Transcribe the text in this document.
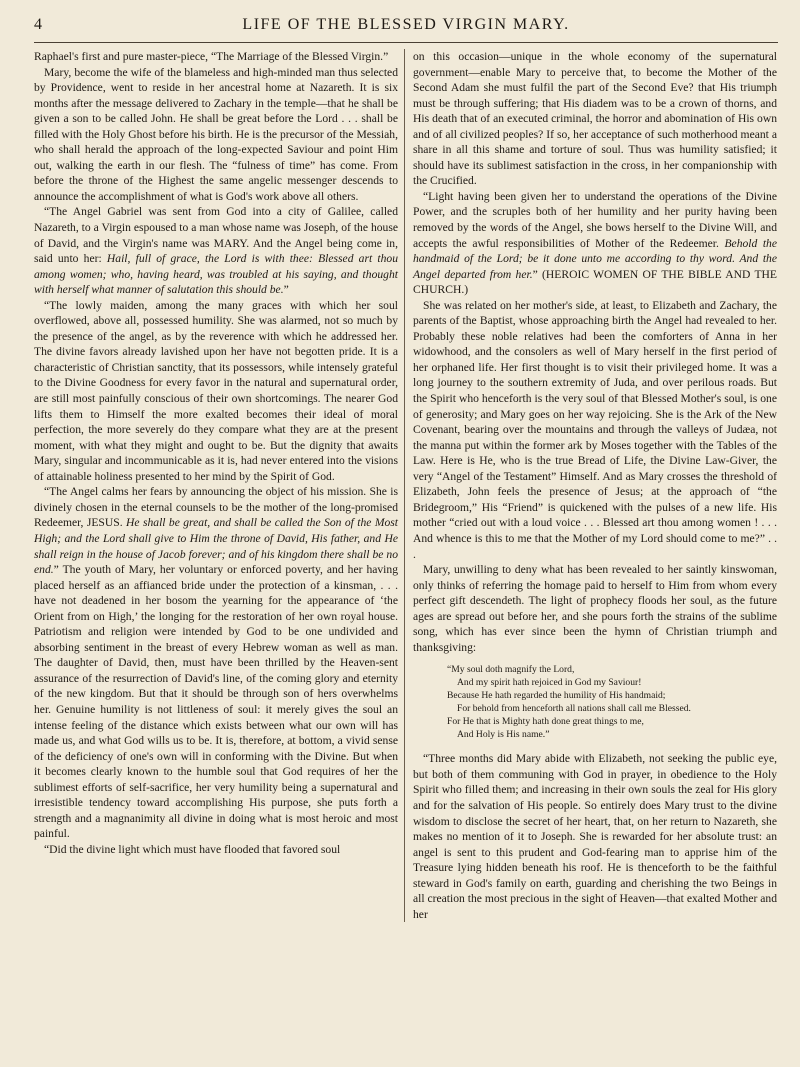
4	LIFE OF THE BLESSED VIRGIN MARY.

Raphael's first and pure master-piece, “The Marriage of the Blessed Virgin.”

Mary, become the wife of the blameless and high-minded man thus selected by Providence, went to reside in her ancestral home at Nazareth. It is six months after the message delivered to Zachary in the temple—that he shall be given a son to be called John. He shall be great before the Lord . . . shall be filled with the Holy Ghost before his birth. He is the precursor of the Messiah, who shall herald the approach of the long-expected Saviour and point Him out, walking the earth in our flesh. The “fulness of time” has come. From before the throne of the Highest the same angelic messenger descends to announce the accomplishment of what is God's work above all others.

“The Angel Gabriel was sent from God into a city of Galilee, called Nazareth, to a Virgin espoused to a man whose name was Joseph, of the house of David, and the Virgin's name was MARY. And the Angel being come in, said unto her: Hail, full of grace, the Lord is with thee: Blessed art thou among women; who, having heard, was troubled at his saying, and thought with herself what manner of salutation this should be.”

“The lowly maiden, among the many graces with which her soul overflowed, above all, possessed humility. She was alarmed, not so much by the presence of the angel, as by the reverence with which he addressed her. The divine favors already lavished upon her have not begotten pride. It is a characteristic of Christian sanctity, that its possessors, while intensely grateful to the Divine Goodness for every favor in the natural and supernatural order, are still most painfully conscious of their own shortcomings. The nearer God lifts them to Himself the more exalted becomes their ideal of moral perfection, the more severely do they compare what they are at the present moment, with what they might and ought to be. But the dignity that awaits Mary, singular and incommunicable as it is, had never entered into the visions of attainable holiness presented to her mind by the Spirit of God.

“The Angel calms her fears by announcing the object of his mission. She is divinely chosen in the eternal counsels to be the mother of the long-promised Redeemer, JESUS. He shall be great, and shall be called the Son of the Most High; and the Lord shall give to Him the throne of David, His father, and He shall reign in the house of Jacob forever; and of his kingdom there shall be no end.” The youth of Mary, her voluntary or enforced poverty, and her having placed herself as an affianced bride under the protection of a kinsman, . . . have not deadened in her bosom the yearning for the appearance of ‘the Orient from on High,’ the longing for the restoration of her own royal house. Patriotism and religion were intended by God to be one undivided and absorbing sentiment in the breast of every Hebrew woman as well as man. The daughter of David, then, must have been thrilled by the Heaven-sent assurance of the resurrection of David's line, of the coming glory and eternity of the new kingdom. But that it should be through son of hers overwhelms her. Genuine humility is not littleness of soul: it merely gives the soul an intense feeling of the distance which exists between what our own will has made us, and what God wills us to be. It is, therefore, at bottom, a vivid sense of the deficiency of one's own will in conforming with the Divine. But when it becomes clearly known to the humble soul that God requires of her the sublimest efforts of self-sacrifice, her very humility being a supernatural and irresistible tendency toward accomplishing His purpose, she puts forth a strength and a magnanimity all divine in doing what is most heroic and most painful.

“Did the divine light which must have flooded that favored soul

on this occasion—unique in the whole economy of the supernatural government—enable Mary to perceive that, to become the Mother of the Second Adam she must fulfil the part of the Second Eve? that His triumph must be through suffering; that His diadem was to be a crown of thorns, and His death that of an executed criminal, the horror and abomination of His own and of all civilized peoples? If so, her acceptance of such motherhood meant a share in all this shame and torture of soul. Thus was humility satisfied; it should have its sublimest satisfaction in the cross, in her companionship with the Crucified.

“Light having been given her to understand the operations of the Divine Power, and the scruples both of her humility and her purity having been removed by the words of the Angel, she bows herself to the Divine Will, and accepts the awful responsibilities of Mother of the Redeemer. Behold the handmaid of the Lord; be it done unto me according to thy word. And the Angel departed from her.” (HEROIC WOMEN OF THE BIBLE AND THE CHURCH.)

She was related on her mother's side, at least, to Elizabeth and Zachary, the parents of the Baptist, whose approaching birth the Angel had revealed to her. Probably these noble relatives had been the comforters of Anna in her widowhood, and the consolers as well of Mary herself in the first period of her orphaned life. Her first thought is to visit their privileged home. It was a long journey to the southern extremity of Juda, and over perilous roads. But the Spirit who henceforth is the very soul of that Blessed Mother's soul, is one of generosity; and Mary goes on her way rejoicing. She is the Ark of the New Covenant, bearing over the mountains and through the valleys of Judæa, not the manna put within the former ark by Moses together with the Tables of the Law. Here is He, who is the true Bread of Life, the Divine Law-Giver, the very “Angel of the Testament” Himself. And as Mary crosses the threshold of Elizabeth, John feels the presence of Jesus; at the approach of “the Bridegroom,” His “Friend” is quickened with the pulses of a new life. His mother “cried out with a loud voice . . . Blessed art thou among women ! . . . And whence is this to me that the Mother of my Lord should come to me?” . . .

Mary, unwilling to deny what has been revealed to her saintly kinswoman, only thinks of referring the homage paid to herself to Him from whom every perfect gift descendeth. The light of prophecy floods her soul, as the future ages are spread out before her, and she pours forth the strains of the sublime song, which has ever since been the hymn of Christian triumph and thanksgiving:

“My soul doth magnify the Lord,
And my spirit hath rejoiced in God my Saviour!
Because He hath regarded the humility of His handmaid;
For behold from henceforth all nations shall call me Blessed.
For He that is Mighty hath done great things to me,
And Holy is His name.”

“Three months did Mary abide with Elizabeth, not seeking the public eye, but both of them communing with God in prayer, in obedience to the Holy Spirit who filled them; and increasing in their own souls the zeal for His glory and for the salvation of His people. So entirely does Mary trust to the divine wisdom to disclose the secret of her heart, that, on her return to Nazareth, she makes no mention of it to Joseph. She is rewarded for her absolute trust: an angel is sent to this prudent and God-fearing man to apprise him of the Treasure lying hidden beneath his roof. He is thenceforth to be the faithful steward in God's family on earth, guarding and cherishing the two Beings in all creation the most precious in the sight of Heaven—that exalted Mother and her
